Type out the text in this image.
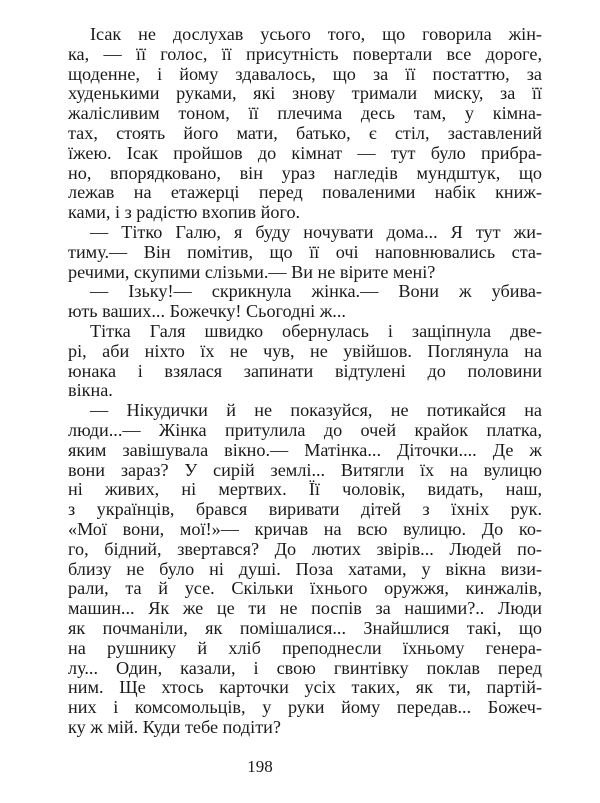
Ісак не дослухав усього того, що говорила жін-
ка, — її голос, її присутність повертали все дороге,
щоденне, і йому здавалось, що за її постаттю, за
худенькими руками, які знову тримали миску, за її
жалісливим тоном, її плечима десь там, у кімна-
тах, стоять його мати, батько, є стіл, заставлений
їжею. Ісак пройшов до кімнат — тут було прибра-
но, впорядковано, він ураз нагледів мундштук, що
лежав на етажерці перед поваленими набік книж-
ками, і з радістю вхопив його.
— Тітко Галю, я буду ночувати дома... Я тут жи-
тиму.— Він помітив, що її очі наповнювались ста-
речими, скупими слізьми.— Ви не вірите мені?
— Ізьку!— скрикнула жінка.— Вони ж убива-
ють ваших... Божечку! Сьогодні ж...
Тітка Галя швидко обернулась і защіпнула две-
рі, аби ніхто їх не чув, не увійшов. Поглянула на
юнака і взялася запинати відтулені до половини
вікна.
— Нікудички й не показуйся, не потикайся на
люди...— Жінка притулила до очей крайок платка,
яким завішувала вікно.— Матінка... Діточки.... Де ж
вони зараз? У сирій землі... Витягли їх на вулицю
ні живих, ні мертвих. Її чоловік, видать, наш,
з українців, брався виривати дітей з їхніх рук.
«Мої вони, мої!»— кричав на всю вулицю. До ко-
го, бідний, звертався? До лютих звірів... Людей по-
близу не було ні душі. Поза хатами, у вікна визи-
рали, та й усе. Скільки їхнього оружжя, кинжалів,
машин... Як же це ти не поспів за нашими?.. Люди
як почманіли, як помішалися... Знайшлися такі, що
на рушнику й хліб преподнесли їхньому генера-
лу... Один, казали, і свою гвинтівку поклав перед
ним. Ще хтось карточки усіх таких, як ти, партій-
них і комсомольців, у руки йому передав... Божеч-
ку ж мій. Куди тебе подіти?
198
